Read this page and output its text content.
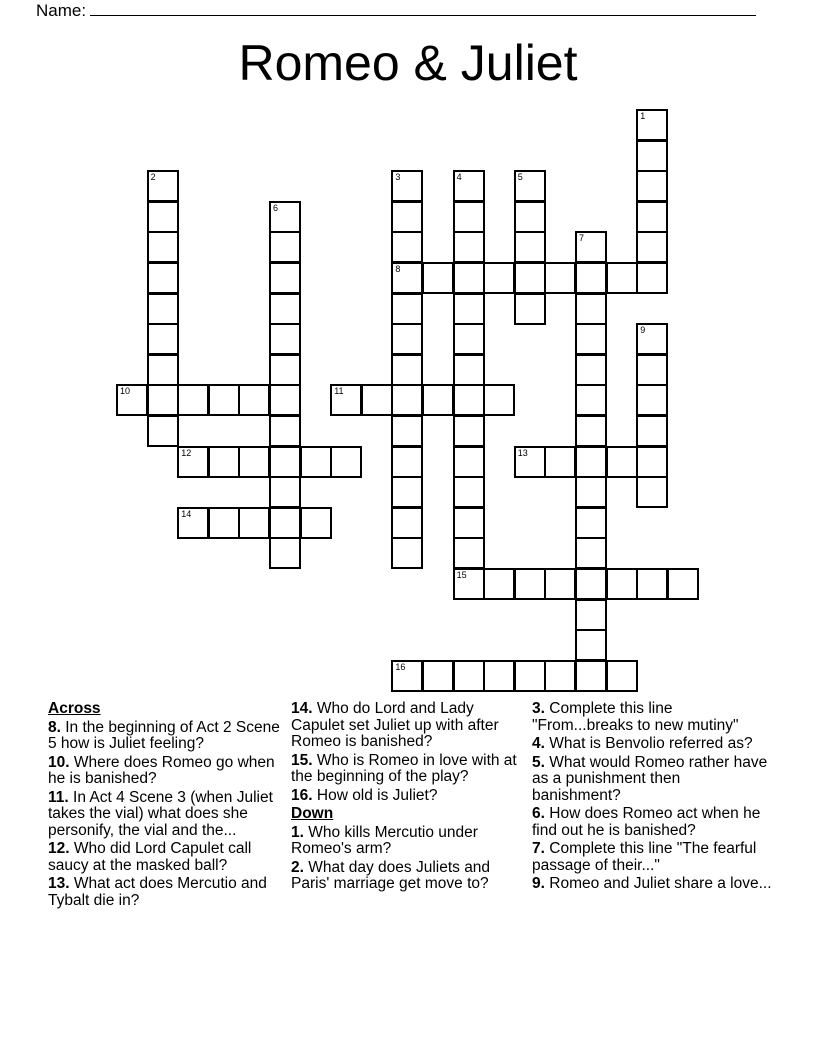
Name:
Romeo & Juliet
1
2	3
8
4
15
5
6
7
9
10	11
12	13
14
16
Across
8. In the beginning of Act 2 Scene 5 how is Juliet feeling?
10. Where does Romeo go when he is banished?
11. In Act 4 Scene 3 (when Juliet takes the vial) what does she personify, the vial and the...
12. Who did Lord Capulet call saucy at the masked ball?
13. What act does Mercutio and Tybalt die in?
14. Who do Lord and Lady Capulet set Juliet up with after Romeo is banished?
15. Who is Romeo in love with at the beginning of the play?
16. How old is Juliet?
Down
1. Who kills Mercutio under Romeo's arm?
2. What day does Juliets and Paris' marriage get move to?
3. Complete this line "From...breaks to new mutiny"
4. What is Benvolio referred as?
5. What would Romeo rather have as a punishment then banishment?
6. How does Romeo act when he find out he is banished?
7. Complete this line "The fearful passage of their..."
9. Romeo and Juliet share a love...
